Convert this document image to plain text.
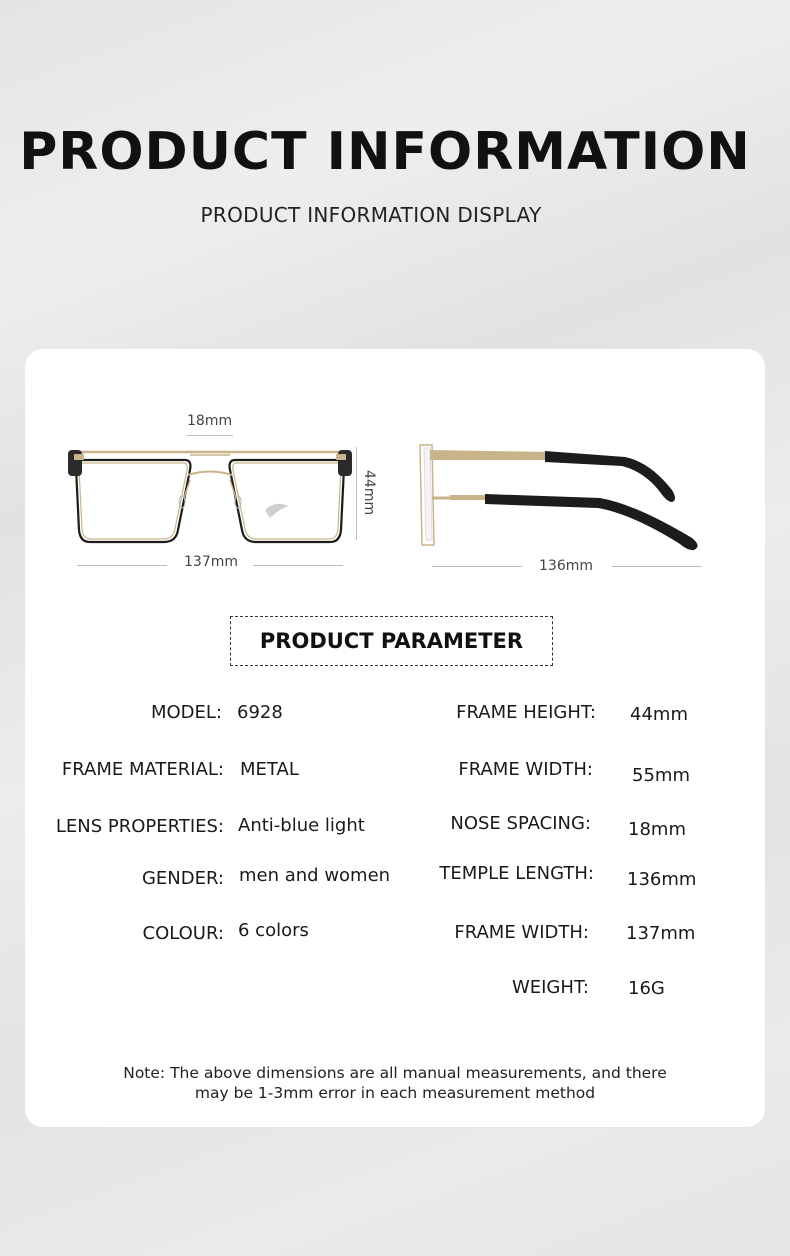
PRODUCT INFORMATION
PRODUCT INFORMATION DISPLAY
18mm
44mm
137mm	136mm
PRODUCT PARAMETER
MODEL: 6928
FRAME MATERIAL: METAL
LENS PROPERTIES: Anti-blue light
GENDER: men and women
COLOUR: 6 colors
FRAME HEIGHT: 44mm
FRAME WIDTH: 55mm
NOSE SPACING: 18mm
TEMPLE LENGTH: 136mm
FRAME WIDTH: 137mm
WEIGHT: 16G
Note: The above dimensions are all manual measurements, and there
may be 1-3mm error in each measurement method
